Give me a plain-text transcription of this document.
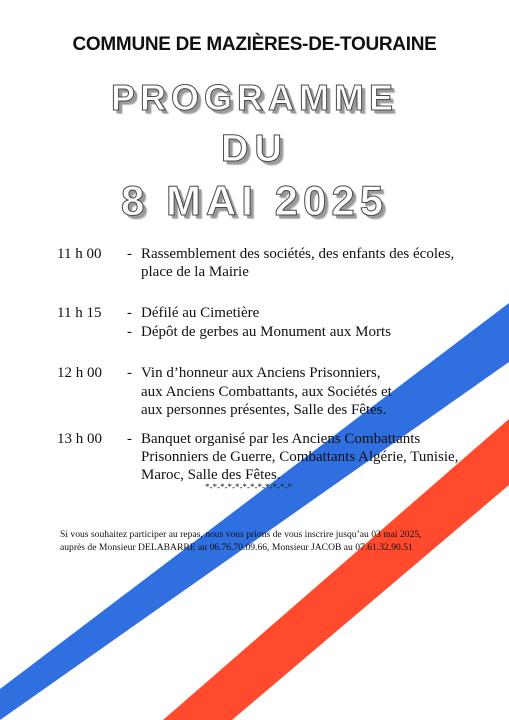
COMMUNE DE MAZIÈRES-DE-TOURAINE
PROGRAMME
DU
8 MAI 2025
11 h 00 - Rassemblement des sociétés, des enfants des écoles,
place de la Mairie
11 h 15 - Défilé au Cimetière
- Dépôt de gerbes au Monument aux Morts
12 h 00 - Vin d’honneur aux Anciens Prisonniers,
aux Anciens Combattants, aux Sociétés et
aux personnes présentes, Salle des Fêtes.
13 h 00 - Banquet organisé par les Anciens Combattants
Prisonniers de Guerre, Combattants Algérie, Tunisie,
Maroc, Salle des Fêtes.
*-*-*-*-*-*-*-*-*-*-*-*
Si vous souhaitez participer au repas, nous vous prions de vous inscrire jusqu’au 03 mai 2025,
auprès de Monsieur DELABARRE au 06.76.70.09.66, Monsieur JACOB au 07.61.32.90.51
